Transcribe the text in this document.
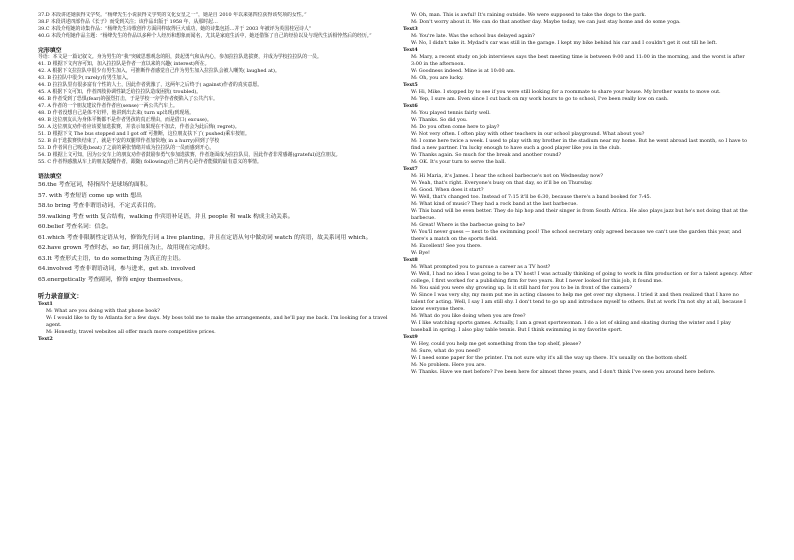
37.D 本段讲述她获得文学奖。“杨绛先生小说获得文学奖的文化女皇之一”，她是自 2010 年以来第四位获得该奖项的女性。”

38.F 本段讲述四部作品《长子》而受到关注；该作品出版于 1958 年，从那时起…

39.C 本段介绍她的诗集作品：“杨绛先生诗歌创作方面同样取得巨大成功，她的诗集包括…并于 2003 年被评为英国桂冠诗人”

40.G 本段介绍她作品主题：“杨绛先生的作品以多种个人经历和想象而闻名，尤其是家庭生活中，她还借鉴了自己的经验以及与现代生活相悖然后的经历。”

完形填空

导语：本文是一篇记叙文。身为男生的“我”突破思想观念的阻，鼓起勇气和从内心，参加拉拉队选拔赛，并成为学校拉拉队的一员。

41. D 根据下文内容可知，加入拉拉队是作者一直以来的兴趣( interest)所在。

42. A 根据下文拉拉队中很少有男生加入，可推断作者感觉自己作为男生加入拉拉队会被人嘲笑( laughed at)。

43. B 拉拉队中很少( rarely)有男生加入。

44. D 拉拉队里有很多富有个性的人士，因此作者犹豫了，这两年之后终于( against)作者的真实意愿。

45. A 根据下文可知，作者四肢协调性缺乏给拉拉队造成困扰( troubled)。

46. B 作者受到了恐惧(fear)的强烈打击，于是学校一旁学作者便陷入了公共汽车。

47. A 作者的一个朋友建议作者作者应(sense)一两公共汽车上。

48. D 作者没想自己是体不好样，他讲到出去来( turn up出现)到现场。

49. B 这位朋友认为身体平衡都不是作者男孩的真正理由，而是借口( excuse)。

50. A 这位朋友劝作者应该要加选拔赛，并表示如果现在不加去，作者会为此后悔( regret)。

51. D 根据下文 The bus stopped and I got off 可推断，这位朋友扶下了( pushed)乘车按钮。

52. B 由于选拔赛快结束了，就是不安的双腿带作者加快地( in a hurry)回到了学校

53. D 作者回自己吸进(beat)了之前的紧张情绪并成为拉拉队的一员而感到开心。

54. D 根据上文可知，因为公交车上的朋友劝作者鼓励参勇气参加选拔赛，作者逢面成为拉拉队员，因此作者非常感谢(grateful)这位朋友。

55. C 作者得感激从车上的朋友提醒作者，跟随( following)自己的内心是作者能做的最有意义的事情。

语法填空

56.the 考查冠词，特指四个是球场的面积。

57. with 考查短语 come up with 想出

58.to bring 考查非谓语动词，不定式表目的。

59.walking 考查 with 复合结构，walking 作宾语补足语，并且 people 和 walk 构成主动关系。

60.belief 考查名词：信念。

61.which 考查非限制性定语从句，修饰先行词 a live planting，并且在定语从句中做动词 watch 的宾语，故关系词用 which。

62.have grown 考查时态，so far, 到目前为止，故用现在完成时。

63.It 考查形式主语，to do something 为真正的主语。

64.involved 考查非谓语动词，参与进来，get sb. involved

65.energetically 考查副词，修饰 enjoy themselves。

听力录音原文：
Text1

M: What are you doing with that phone book?

W: I would like to fly to Atlanta for a few days. My boss told me to make the arrangements, and he'll pay me back. I'm looking for a travel agent.

M: Honestly, travel websites all offer much more competitive prices.

Text2

W: Oh, man. This is awful! It's raining outside. We were supposed to take the dogs to the park.

M: Don't worry about it. We can do that another day. Maybe today, we can just stay home and do some yoga.

Text3

M: You're late. Was the school bus delayed again?

W: No, I didn't take it. Mydad's car was still in the garage. I kept my bike behind his car and I couldn't get it out till he left.

Text4

M: Mary, a recent study on job interviews says the best meeting time is between 9:00 and 11:00 in the morning, and the worst is after 3:00 in the afternoon.

W: Goodness indeed. Mine is at 10:00 am.

M: Oh, you are lucky.

Text5

W: Hi, Mike. I stopped by to see if you were still looking for a roommate to share your house. My brother wants to move out.

M: Yep, I sure am. Even since I cut back on my work hours to go to school, I've been really low on cash.

Text6

M: You played tennis fairly well.

W: Thanks. So did you.

M: Do you often come here to play?

W: Not very often. I often play with other teachers in our school playground. What about you?

M: I come here twice a week. I used to play with my brother in the stadium near my home. But he went abroad last month, so I have to find a new partner. I'm lucky enough to have such a good player like you in the club.

W: Thanks again. So much for the break and another round?

M: OK. It's your turn to serve the ball.

Text7

M: Hi Maria, it's James. I hear the school barbecue's not on Wednesday now?

W: Yeah, that's right. Everyone's busy on that day, so it'll be on Thursday.

M: Good. When does it start?

W: Well, that's changed too. Instead of 7:15 it'll be 6:30, because there's a band booked for 7:45.

M: What kind of music? They had a rock band at the last barbecue.

W: This band will be even better. They do hip hop and their singer is from South Africa. He also plays jazz but he's not doing that at the barbecue.

M: Great! Where is the barbecue going to be?

W: You'll never guess — next to the swimming pool! The school secretary only agreed because we can't use the garden this year, and there's a match on the sports field.

M: Excellent! See you there.

W: Bye!

Text8

M: What prompted you to pursue a career as a TV host?

W: Well, I had no idea I was going to be a TV host! I was actually thinking of going to work in film production or for a talent agency. After college, I first worked for a publishing firm for two years. But I never looked for this job, it found me.

M: You said you were shy growing up. Is it still hard for you to be in front of the camera?

W: Since I was very shy, my mom put me in acting classes to help me get over my shyness. I tried it and then realized that I have no talent for acting. Well, I say I am still shy. I don't tend to go up and introduce myself to others. But at work I'm not shy at all, because I know everyone there.

M: What do you like doing when you are free?

W: I like watching sports games. Actually, I am a great sportswoman. I do a lot of skiing and skating during the winter and I play baseball in spring. I also play table tennis. But I think swimming is my favorite sport.

Text9

W: Hey, could you help me get something from the top shelf, please?

M: Sure, what do you need?

W: I need some paper for the printer. I'm not sure why it's all the way up there. It's usually on the bottom shelf.

M: No problem. Here you are.

W: Thanks. Have we met before? I've been here for almost three years, and I don't think I've seen you around here before.
